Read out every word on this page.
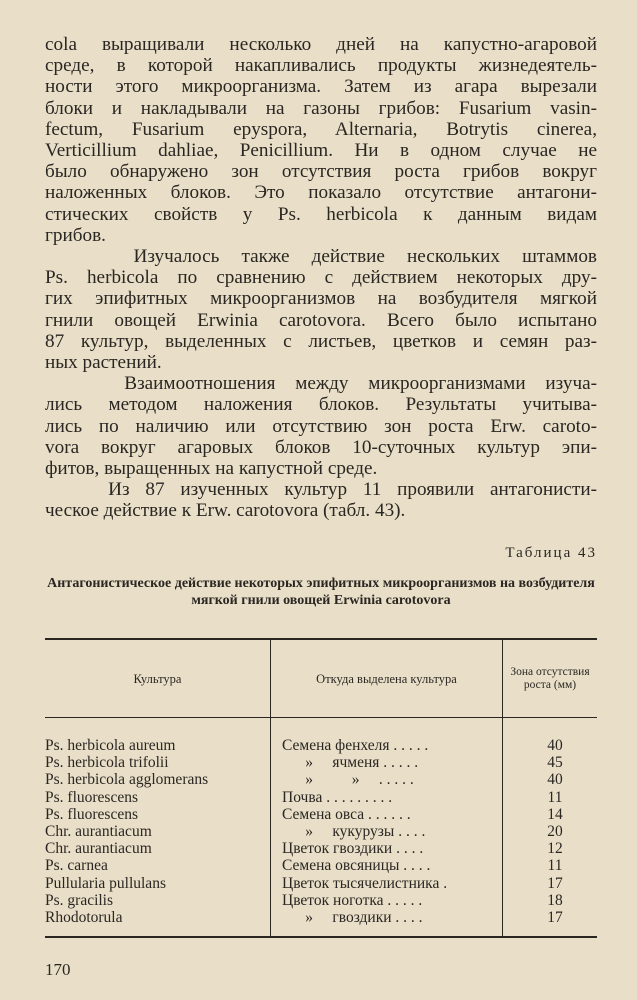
cola выращивали несколько дней на капустно-агаровой
среде, в которой накапливались продукты жизнедеятель-
ности этого микроорганизма. Затем из агара вырезали
блоки и накладывали на газоны грибов: Fusarium vasin-
fectum, Fusarium epyspora, Alternaria, Botrytis cinerea,
Verticillium dahliae, Penicillium. Ни в одном случае не
было обнаружено зон отсутствия роста грибов вокруг
наложенных блоков. Это показало отсутствие антагони-
стических свойств у Ps. herbicola к данным видам
грибов.
Изучалось также действие нескольких штаммов
Ps. herbicola по сравнению с действием некоторых дру-
гих эпифитных микроорганизмов на возбудителя мягкой
гнили овощей Erwinia carotovora. Всего было испытано
87 культур, выделенных с листьев, цветков и семян раз-
ных растений.
Взаимоотношения между микроорганизмами изуча-
лись методом наложения блоков. Результаты учитыва-
лись по наличию или отсутствию зон роста Erw. caroto-
vora вокруг агаровых блоков 10-суточных культур эпи-
фитов, выращенных на капустной среде.
Из 87 изученных культур 11 проявили антагонисти-
ческое действие к Erw. carotovora (табл. 43).
Таблица 43
Антагонистическое действие некоторых эпифитных микроорганизмов на возбудителя мягкой гнили овощей Erwinia carotovora
Культура	Откуда выделена культура	Зона отсутствия роста (мм)
Ps. herbicola aureum	Семена фенхеля . . . . .	40
Ps. herbicola trifolii	»     ячменя . . . . .	45
Ps. herbicola agglomerans	»          »     . . . . .	40
Ps. fluorescens	Почва . . . . . . . . .	11
Ps. fluorescens	Семена овса . . . . . .	14
Chr. aurantiacum	»     кукурузы . . . .	20
Chr. aurantiacum	Цветок гвоздики . . . .	12
Ps. carnea	Семена овсяницы . . . .	11
Pullularia pullulans	Цветок тысячелистника .	17
Ps. gracilis	Цветок ноготка . . . . .	18
Rhodotorula	»     гвоздики . . . .	17
170
